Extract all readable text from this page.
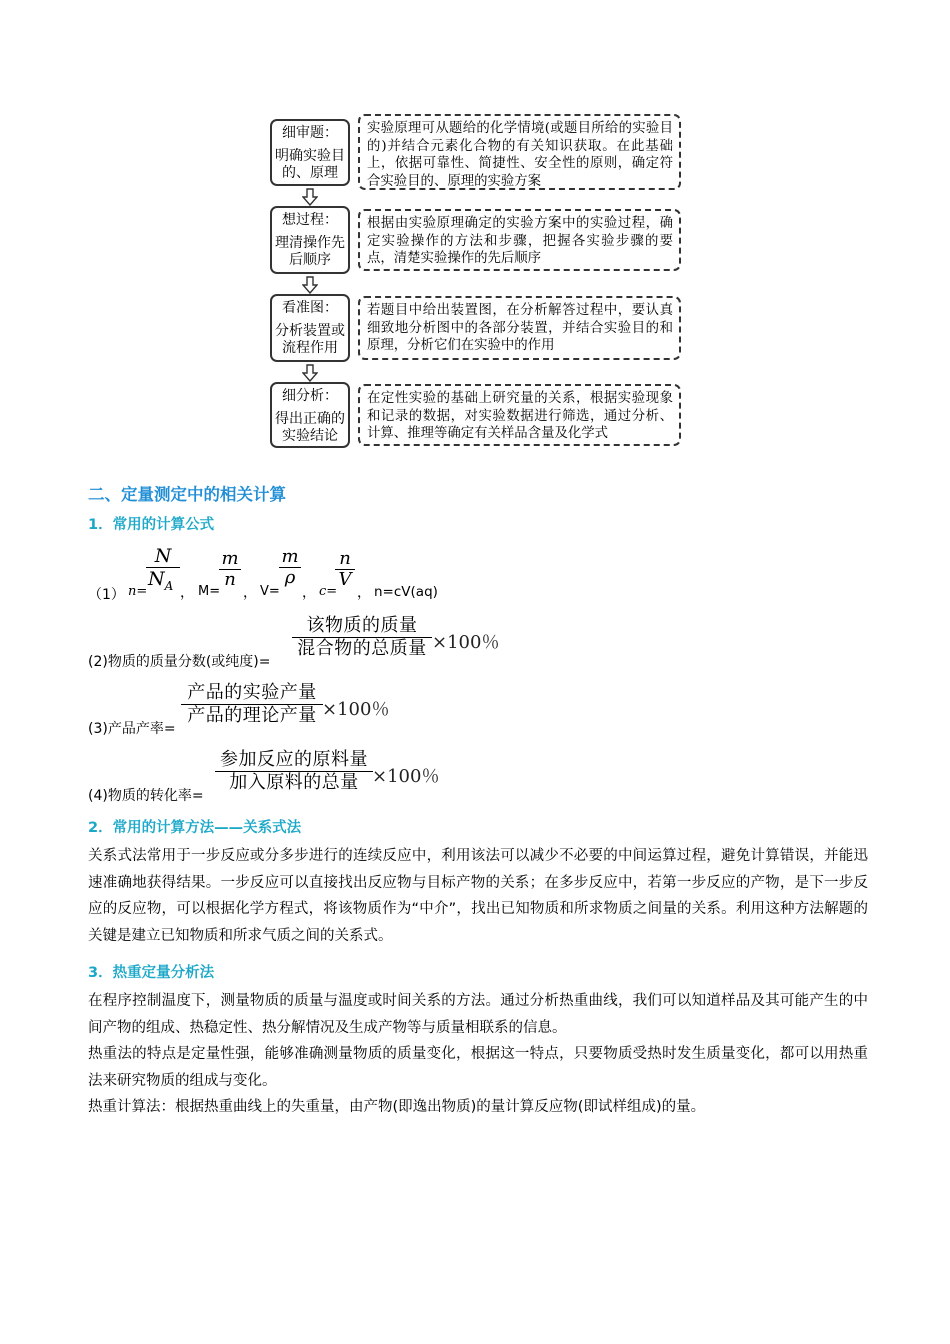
细审题：
明确实验目的、原理
实验原理可从题给的化学情境(或题目所给的实验目的)并结合元素化合物的有关知识获取。在此基础上，依据可靠性、简捷性、安全性的原则，确定符合实验目的、原理的实验方案
想过程：
理清操作先后顺序
根据由实验原理确定的实验方案中的实验过程，确定实验操作的方法和步骤，把握各实验步骤的要点，清楚实验操作的先后顺序
看准图：
分析装置或流程作用
若题目中给出装置图，在分析解答过程中，要认真细致地分析图中的各部分装置，并结合实验目的和原理，分析它们在实验中的作用
细分析：
得出正确的实验结论
在定性实验的基础上研究量的关系，根据实验现象和记录的数据，对实验数据进行筛选，通过分析、计算、推理等确定有关样品含量及化学式
二、定量测定中的相关计算
1．常用的计算公式
（1） n=
N
$N_A$ ， M=
m
n
， V=
m
ρ
， c=
n
V
， n=cV(aq)
(2)物质的质量分数(或纯度)=
该物质的质量
混合物的总质量 ×100％
(3)产品产率=
产品的实验产量
产品的理论产量 ×100％
(4)物质的转化率=
参加反应的原料量
加入原料的总量 ×100％
2．常用的计算方法——关系式法
关系式法常用于一步反应或分多步进行的连续反应中，利用该法可以减少不必要的中间运算过程，避免计算错误，并能迅速准确地获得结果。一步反应可以直接找出反应物与目标产物的关系；在多步反应中，若第一步反应的产物，是下一步反应的反应物，可以根据化学方程式，将该物质作为“中介”，找出已知物质和所求物质之间量的关系。利用这种方法解题的关键是建立已知物质和所求气质之间的关系式。
3．热重定量分析法
在程序控制温度下，测量物质的质量与温度或时间关系的方法。通过分析热重曲线，我们可以知道样品及其可能产生的中间产物的组成、热稳定性、热分解情况及生成产物等与质量相联系的信息。
热重法的特点是定量性强，能够准确测量物质的质量变化，根据这一特点，只要物质受热时发生质量变化，都可以用热重法来研究物质的组成与变化。
热重计算法：根据热重曲线上的失重量，由产物(即逸出物质)的量计算反应物(即试样组成)的量。
